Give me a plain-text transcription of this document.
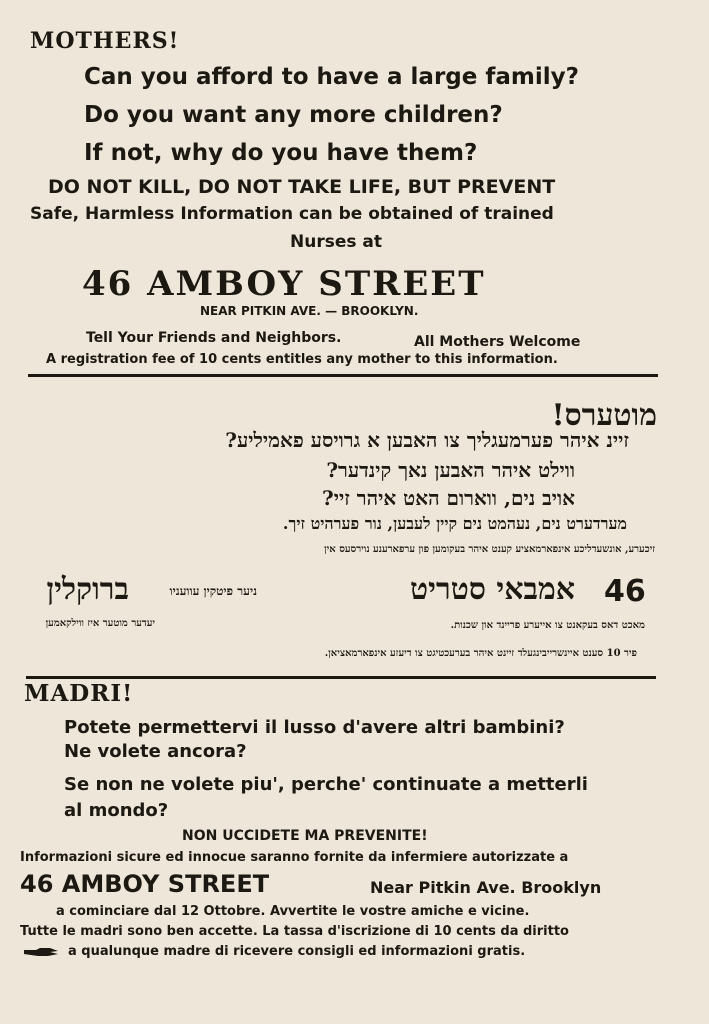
MOTHERS!
Can you afford to have a large family?
Do you want any more children?
If not, why do you have them?
DO NOT KILL, DO NOT TAKE LIFE, BUT PREVENT
Safe, Harmless Information can be obtained of trained
Nurses at
46 AMBOY STREET
NEAR PITKIN AVE. — BROOKLYN.
Tell Your Friends and Neighbors.	All Mothers Welcome
A registration fee of 10 cents entitles any mother to this information.
מוטערס!
זיינ איהר פערמעגליך צו האבען א גרויסע פאמיליע?
ווילט איהר האבען נאך קינדער?
אויב נים, ווארום האט איהר זיי?
מערדערט נים, נעהמט נים קיין לעבען, נור פערהיט זיך.
זיכערע, אונשעדליכע אינפארמאציע קענט איהר בעקומען פון ערפארענע נוירסעס אין
46
אמבאי סטריט
ניער פיטקין עוועניו
ברוקלין
מאכט דאס בעקאנט צו אייערע פריינד און שכנות.
יעדער מוטער איז ווילקאמען
פיר 10 סענט איינשרייבינגעלד זיינט איהר בערעכטיגט צו דיעזע אינפארמאציאן.
MADRI!
Potete permettervi il lusso d'avere altri bambini?
Ne volete ancora?
Se non ne volete piu', perche' continuate a metterli
al mondo?
NON UCCIDETE MA PREVENITE!
Informazioni sicure ed innocue saranno fornite da infermiere autorizzate a
46 AMBOY STREET	Near Pitkin Ave. Brooklyn
a cominciare dal 12 Ottobre. Avvertite le vostre amiche e vicine.
Tutte le madri sono ben accette. La tassa d'iscrizione di 10 cents da diritto
a qualunque madre di ricevere consigli ed informazioni gratis.
